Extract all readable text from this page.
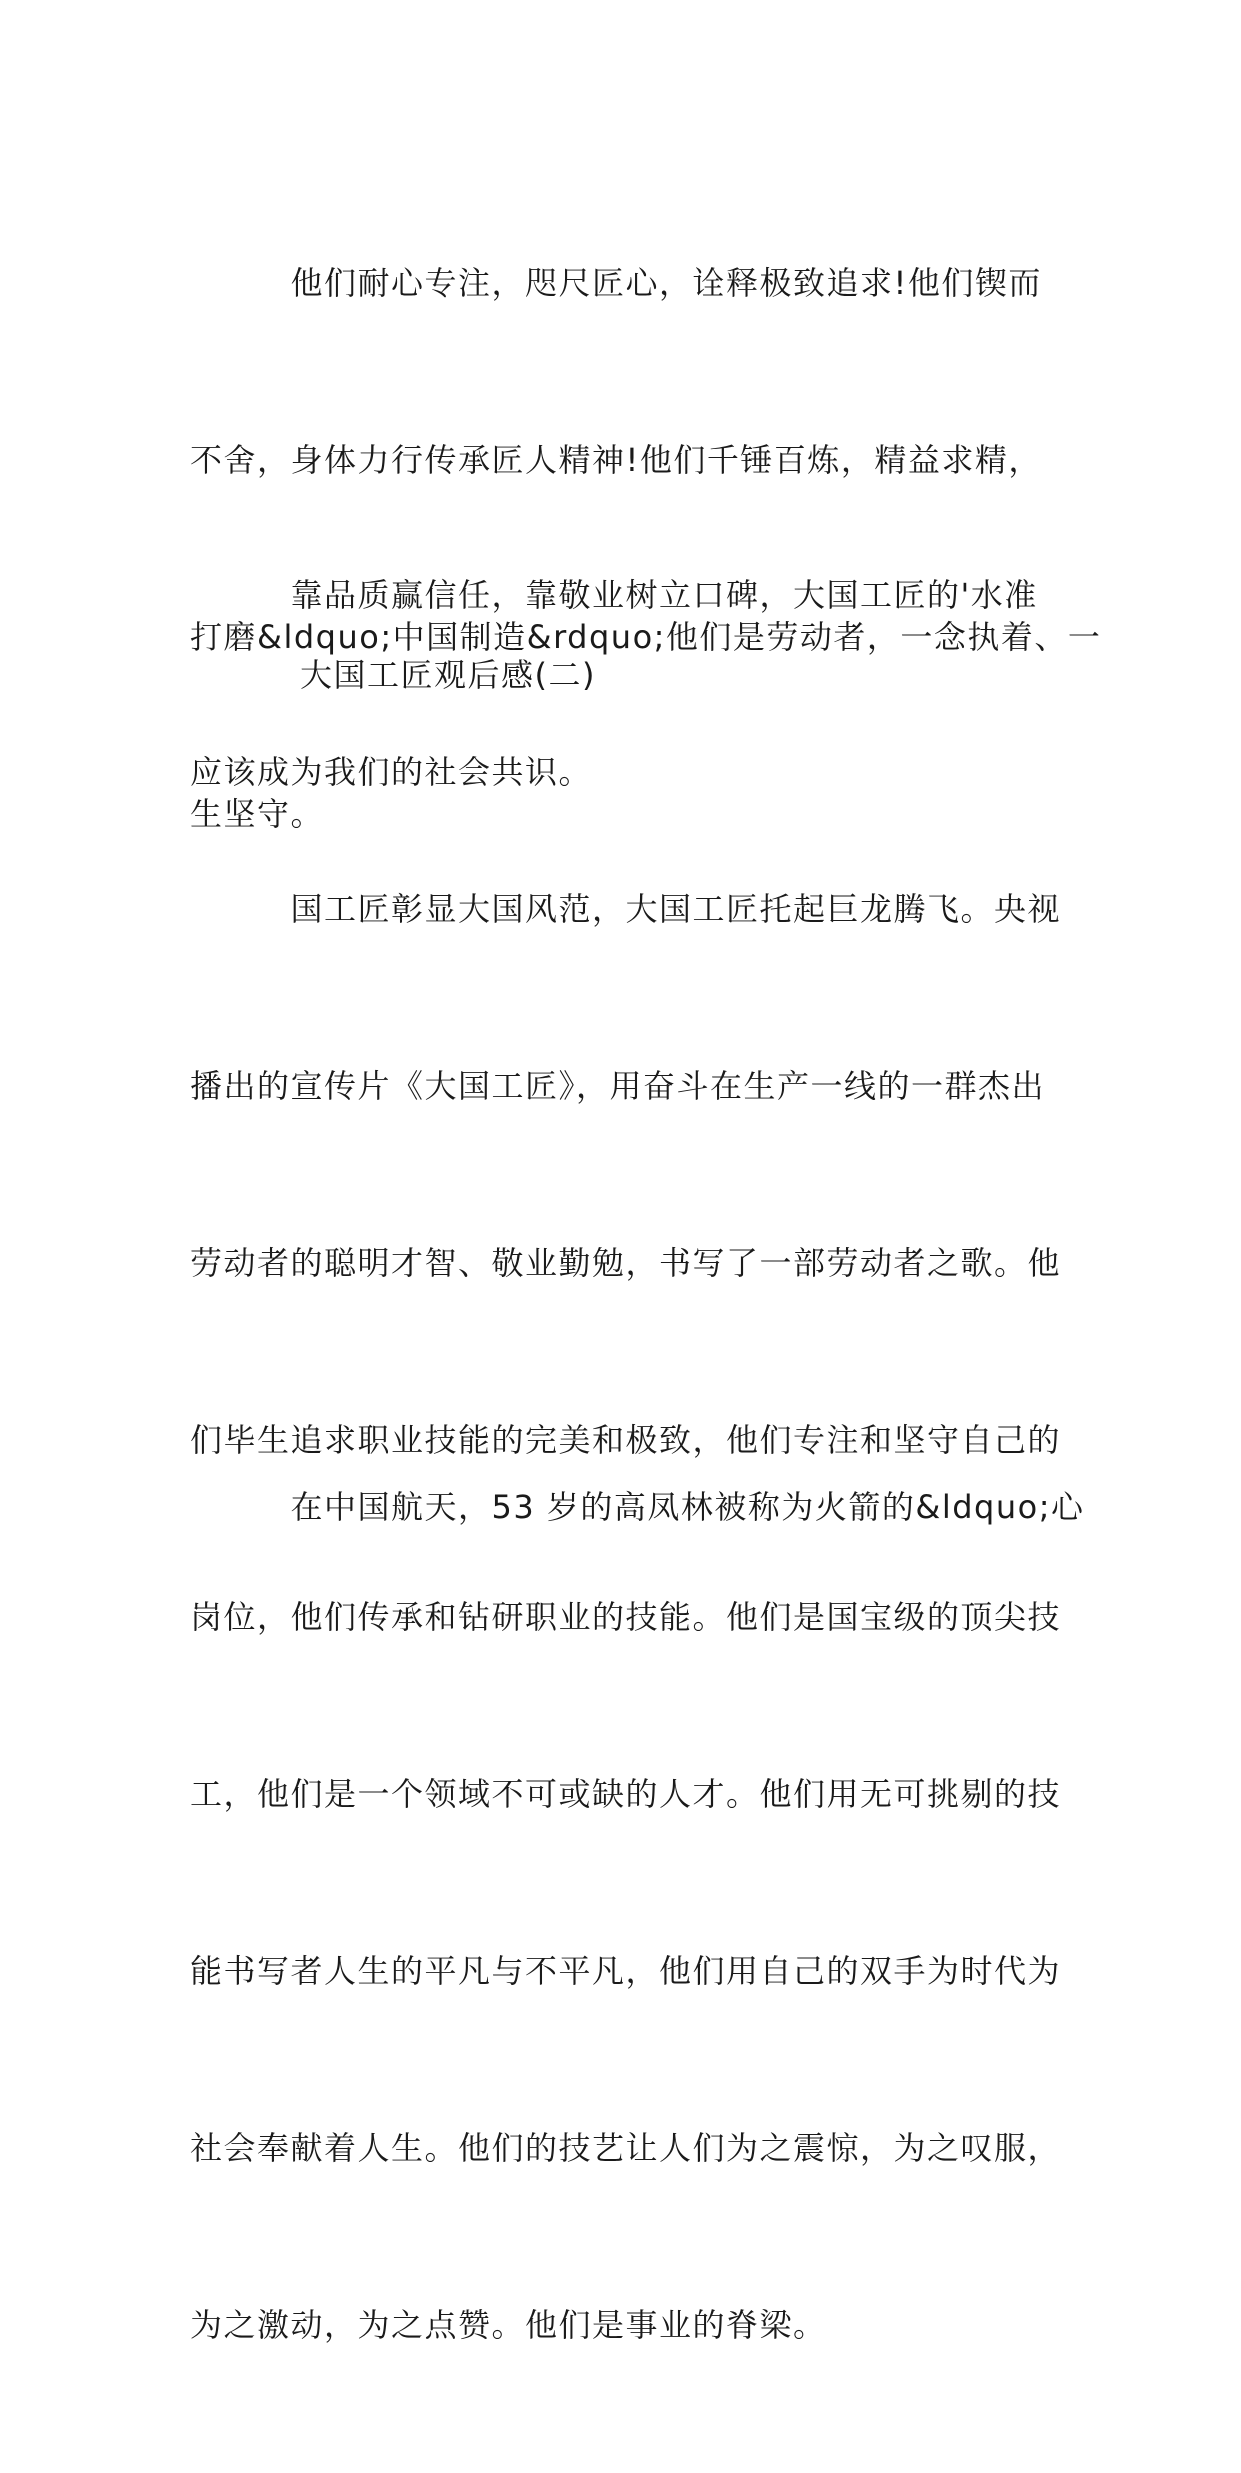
　　　他们耐心专注，咫尺匠心，诠释极致追求!他们锲而

不舍，身体力行传承匠人精神!他们千锤百炼，精益求精，

打磨&ldquo;中国制造&rdquo;他们是劳动者，一念执着、一

生坚守。

　　　靠品质赢信任，靠敬业树立口碑，大国工匠的'水准

应该成为我们的社会共识。

大国工匠观后感(二)

　　　国工匠彰显大国风范，大国工匠托起巨龙腾飞。央视

播出的宣传片《大国工匠》，用奋斗在生产一线的一群杰出

劳动者的聪明才智、敬业勤勉，书写了一部劳动者之歌。他

们毕生追求职业技能的完美和极致，他们专注和坚守自己的

岗位，他们传承和钻研职业的技能。他们是国宝级的顶尖技

工，他们是一个领域不可或缺的人才。他们用无可挑剔的技

能书写者人生的平凡与不平凡，他们用自己的双手为时代为

社会奉献着人生。他们的技艺让人们为之震惊，为之叹服，

为之激动，为之点赞。他们是事业的脊梁。

　　　在中国航天，53 岁的高凤林被称为火箭的&ldquo;心
